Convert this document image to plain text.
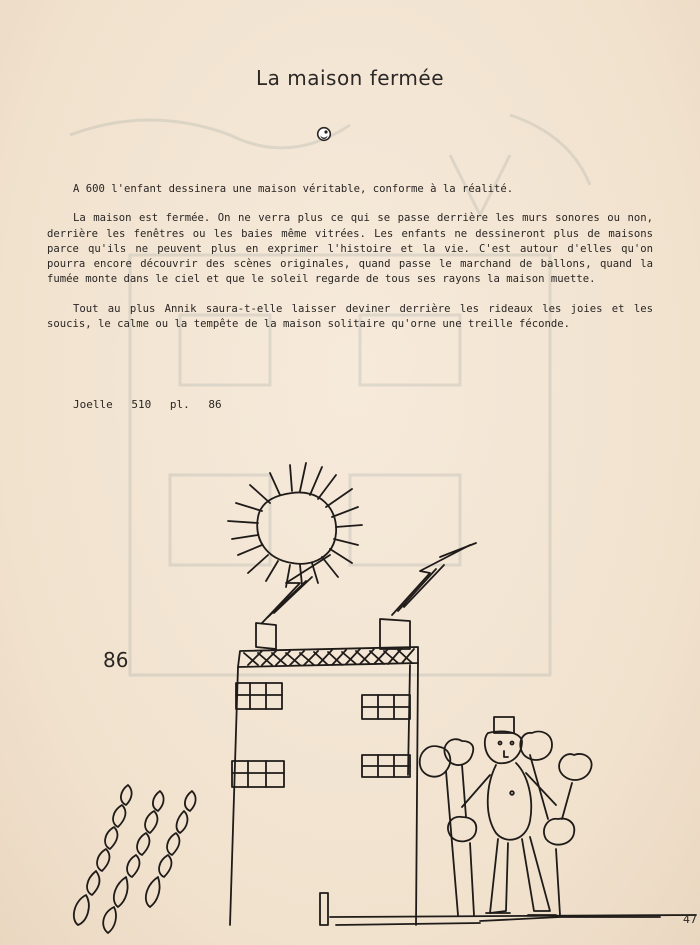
La maison fermée

A 600 l'enfant dessinera une maison véritable, conforme à la réalité.

La maison est fermée. On ne verra plus ce qui se passe derrière les murs sonores ou non, derrière les fenêtres ou les baies même vitrées. Les enfants ne dessineront plus de maisons parce qu'ils ne peuvent plus en exprimer l'histoire et la vie. C'est autour d'elles qu'on pourra encore découvrir des scènes originales, quand passe le marchand de ballons, quand la fumée monte dans le ciel et que le soleil regarde de tous ses rayons la maison muette.

Tout au plus Annik saura-t-elle laisser deviner derrière les rideaux les joies et les soucis, le calme ou la tempête de la maison solitaire qu'orne une treille féconde.

Joelle 510 pl. 86
86
47
